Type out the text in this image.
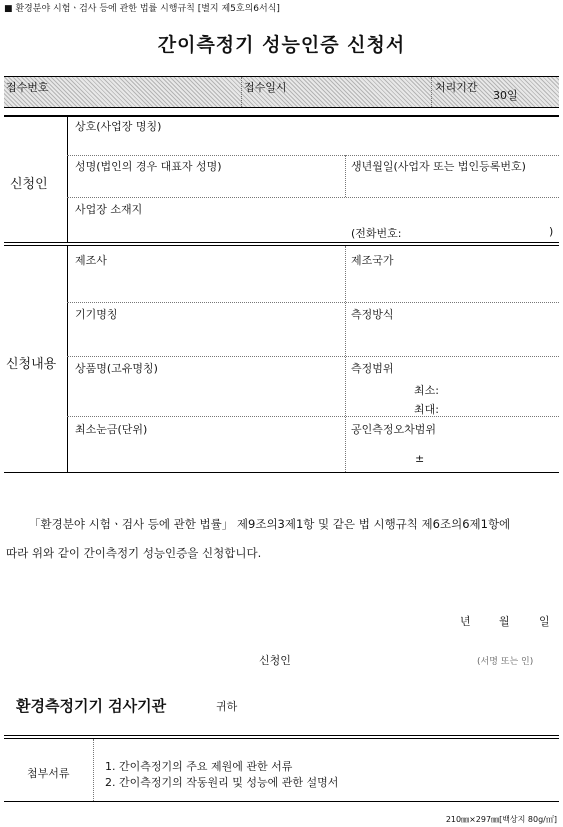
■ 환경분야 시험ㆍ검사 등에 관한 법률 시행규칙 [별지 제5호의6서식]
간이측정기 성능인증 신청서
접수번호	접수일시	처리기간
30일
신청인
상호(사업장 명칭)
성명(법인의 경우 대표자 성명)	생년월일(사업자 또는 법인등록번호)
사업장 소재지
(전화번호:	)
신청내용
제조사	제조국가
기기명칭	측정방식
상품명(고유명칭)	측정범위
최소:
최대:
최소눈금(단위)	공인측정오차범위
±
「환경분야 시험ㆍ검사 등에 관한 법률」 제9조의3제1항 및 같은 법 시행규칙 제6조의6제1항에
따라 위와 같이 간이측정기 성능인증을 신청합니다.
년	월	일
신청인	(서명 또는 인)
환경측정기기 검사기관	귀하
첨부서류
1. 간이측정기의 주요 제원에 관한 서류
2. 간이측정기의 작동원리 및 성능에 관한 설명서
210㎜×297㎜[백상지 80g/㎡]
